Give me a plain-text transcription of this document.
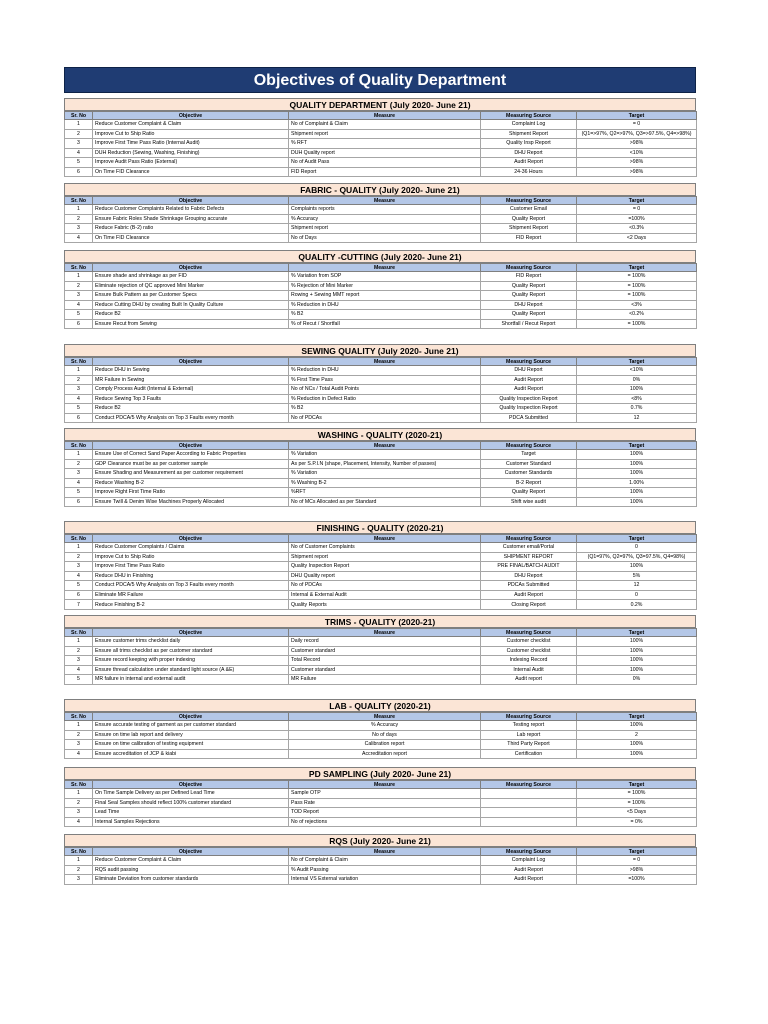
Objectives of Quality Department
QUALITY DEPARTMENT (July 2020- June 21)
Sr. No	Objective	Measure	Measuring Source	Target
1	Reduce Customer Complaint & Claim	No of Complaint & Claim	Complaint Log	= 0
2	Improve Cut to Ship Ratio	Shipment report	Shipment Report	(Q1=>97%, Q2=>97%, Q3=>97.5%, Q4=>98%)
3	Improve First Time Pass Ratio (Internal Audit)	% RFT	Quality Insp Report	>98%
4	DUH Reduction (Sewing, Washing, Finishing)	DUH Quality report	DHU Report	<10%
5	Improve Audit Pass Ratio (External)	No of Audit Pass	Audit Report	>98%
6	On Time FID Clearance	FID Report	24-36 Hours	>98%
FABRIC - QUALITY (July 2020- June 21)
Sr. No	Objective	Measure	Measuring Source	Target
1	Reduce Customer Complaints Related to Fabric Defects	Complaints reports	Customer Email	= 0
2	Ensure Fabric Roles Shade Shrinkage Grouping accurate	% Accuracy	Quality Report	=100%
3	Reduce Fabric (B-2) ratio	Shipment report	Shipment Report	<0.3%
4	On Time FID Clearance	No of Days	FID Report	<2 Days
QUALITY -CUTTING (July 2020- June 21)
Sr. No	Objective	Measure	Measuring Source	Target
1	Ensure shade and shrinkage as per FID	% Variation from SOP	FID Report	= 100%
2	Eliminate rejection of QC approved Mini Marker	% Rejection of Mini Marker	Quality Report	= 100%
3	Ensure Bulk Pattern as per Customer Specs	Rowing + Sewing MMT report	Quality Report	= 100%
4	Reduce Cutting DHU by creating Built In Quality Culture	% Reduction in DHU	DHU Report	<3%
5	Reduce B2	% B2	Quality Report	<0.2%
6	Ensure Recut from Sewing	% of Recut / Shortfall	Shortfall / Recut Report	= 100%
SEWING QUALITY (July 2020- June 21)
Sr. No	Objective	Measure	Measuring Source	Target
1	Reduce DHU in Sewing	% Reduction in DHU	DHU Report	<10%
2	MR Failure in Sewing	% First Time Pass	Audit Report	0%
3	Comply Process Audit (Internal & External)	No of NCs / Total Audit Points	Audit Report	100%
4	Reduce Sewing Top 3 Faults	% Reduction in Defect Ratio	Quality Inspection Report	<8%
5	Reduce B2	% B2	Quality Inspection Report	0.7%
6	Conduct PDCA/5 Why Analysis on Top 3 Faults every month	No of PDCAs	PDCA Submitted	12
WASHING - QUALITY (2020-21)
Sr. No	Objective	Measure	Measuring Source	Target
1	Ensure Use of Correct Sand Paper According to Fabric Properties	% Variation	Target	100%
2	GDP Clearance must be as per customer sample	As per S.P.I.N (shape, Placement, Intensity, Number of passes)	Customer Standard	100%
3	Ensure Shading and Measurement as per customer requirement	% Variation	Customer Standards	100%
4	Reduce Washing B-2	% Washing B-2	B-2 Report	1.00%
5	Improve Right First Time Ratio	%RFT	Quality Report	100%
6	Ensure Twill & Denim Wise Machines Properly Allocated	No of MCs Allocated as per Standard	Shift wise audit	100%
FINISHING - QUALITY (2020-21)
Sr. No	Objective	Measure	Measuring Source	Target
1	Reduce Customer Complaints / Claims	No of Customer Complaints	Customer email/Portal	0
2	Improve Cut to Ship Ratio	Shipment report	SHIPMENT REPORT	(Q1=97%, Q2=97%, Q3=97.5%, Q4=98%)
3	Improve First Time Pass Ratio	Quality Inspection Report	PRE FINAL/BATCH AUDIT	100%
4	Reduce DHU in Finishing	DHU Quality report	DHU Report	5%
5	Conduct PDCA/5 Why Analysis on Top 3 Faults every month	No of PDCAs	PDCAs Submitted	12
6	Eliminate MR Failure	Internal & External Audit	Audit Report	0
7	Reduce Finishing B-2	Quality Reports	Closing Report	0.2%
TRIMS - QUALITY (2020-21)
Sr. No	Objective	Measure	Measuring Source	Target
1	Ensure customer trims checklist daily	Daily record	Customer checklist	100%
2	Ensure all trims checklist as per customer standard	Customer standard	Customer checklist	100%
3	Ensure record keeping with proper indexing	Total Record	Indexing Record	100%
4	Ensure thread calculation under standard light source (A &E)	Customer standard	Internal Audit	100%
5	MR failure in internal and external audit	MR Failure	Audit report	0%
LAB - QUALITY (2020-21)
Sr. No	Objective	Measure	Measuring Source	Target
1	Ensure accurate testing of garment as per customer standard	% Accuracy	Testing report	100%
2	Ensure on time lab report and delivery	No of days	Lab report	2
3	Ensure on time calibration of testing equipment	Calibration report	Third Party Report	100%
4	Ensure accreditation of JCP & kiabi	Accreditation report	Certification	100%
PD SAMPLING (July 2020- June 21)
Sr. No	Objective	Measure	Measuring Source	Target
1	On Time Sample Delivery as per Defined Lead Time	Sample OTP		= 100%
2	Final Seal Samples should reflect 100% customer standard	Pass Rate		= 100%
3	Lead Time	TOD Report		<5 Days
4	Internal Samples Rejections	No of rejections		= 0%
RQS (July 2020- June 21)
Sr. No	Objective	Measure	Measuring Source	Target
1	Reduce Customer Complaint & Claim	No of Complaint & Claim	Complaint Log	= 0
2	RQS audit passing	% Audit Passing	Audit Report	>98%
3	Eliminate Deviation from customer standards	Internal VS External variation	Audit Report	=100%
